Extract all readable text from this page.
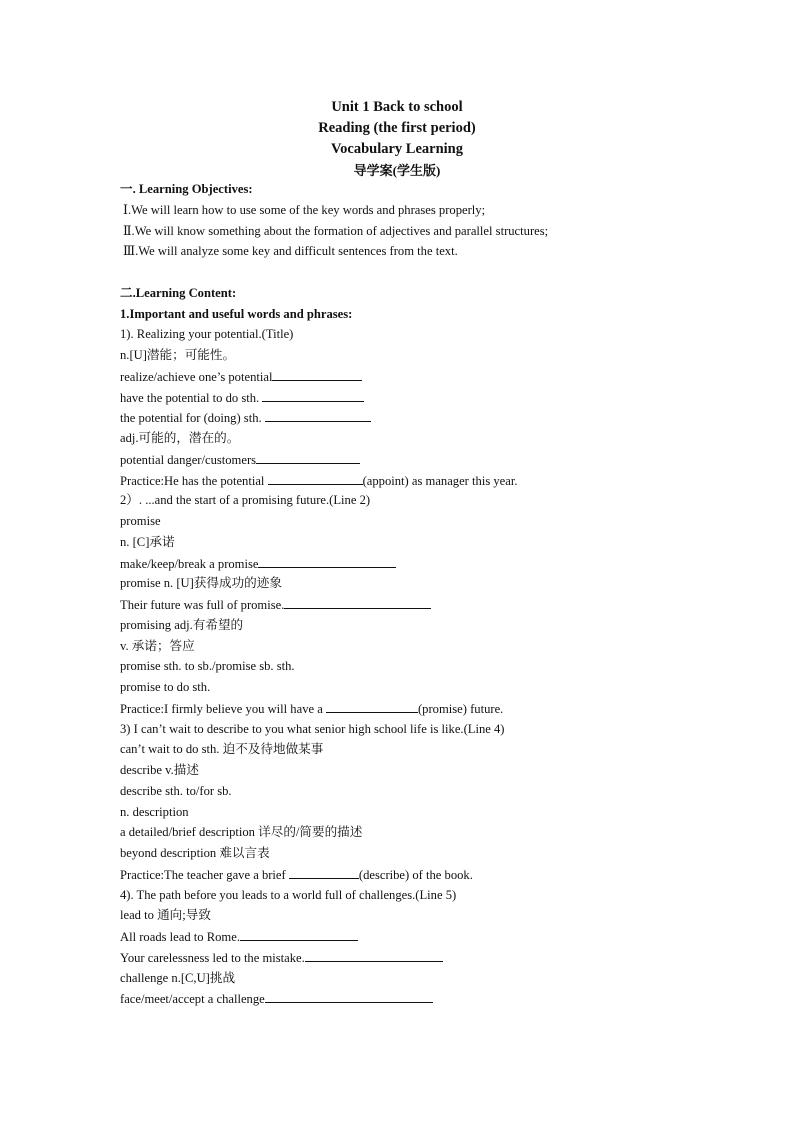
Unit 1 Back to school
Reading (the first period)
Vocabulary Learning
导学案(学生版)
一. Learning Objectives:
Ⅰ.We will learn how to use some of the key words and phrases properly;
Ⅱ.We will know something about the formation of adjectives and parallel structures;
Ⅲ.We will analyze some key and difficult sentences from the text.
二.Learning Content:
1.Important and useful words and phrases:
1). Realizing your potential.(Title)
n.[U]潜能；可能性。
realize/achieve one’s potential
have the potential to do sth.
the potential for (doing) sth.
adj.可能的，潜在的。
potential danger/customers
Practice:He has the potential	(appoint) as manager this year.
2）. ...and the start of a promising future.(Line 2)
promise
n. [C]承诺
make/keep/break a promise
promise n. [U]获得成功的迹象
Their future was full of promise.
promising adj.有希望的
v. 承诺；答应
promise sth. to sb./promise sb. sth.
promise to do sth.
Practice:I firmly believe you will have a	(promise) future.
3) I can’t wait to describe to you what senior high school life is like.(Line 4)
can’t wait to do sth. 迫不及待地做某事
describe v.描述
describe sth. to/for sb.
n. description
a detailed/brief description 详尽的/简要的描述
beyond description 难以言表
Practice:The teacher gave a brief	(describe) of the book.
4). The path before you leads to a world full of challenges.(Line 5)
lead to 通向;导致
All roads lead to Rome.
Your carelessness led to the mistake.
challenge n.[C,U]挑战
face/meet/accept a challenge
